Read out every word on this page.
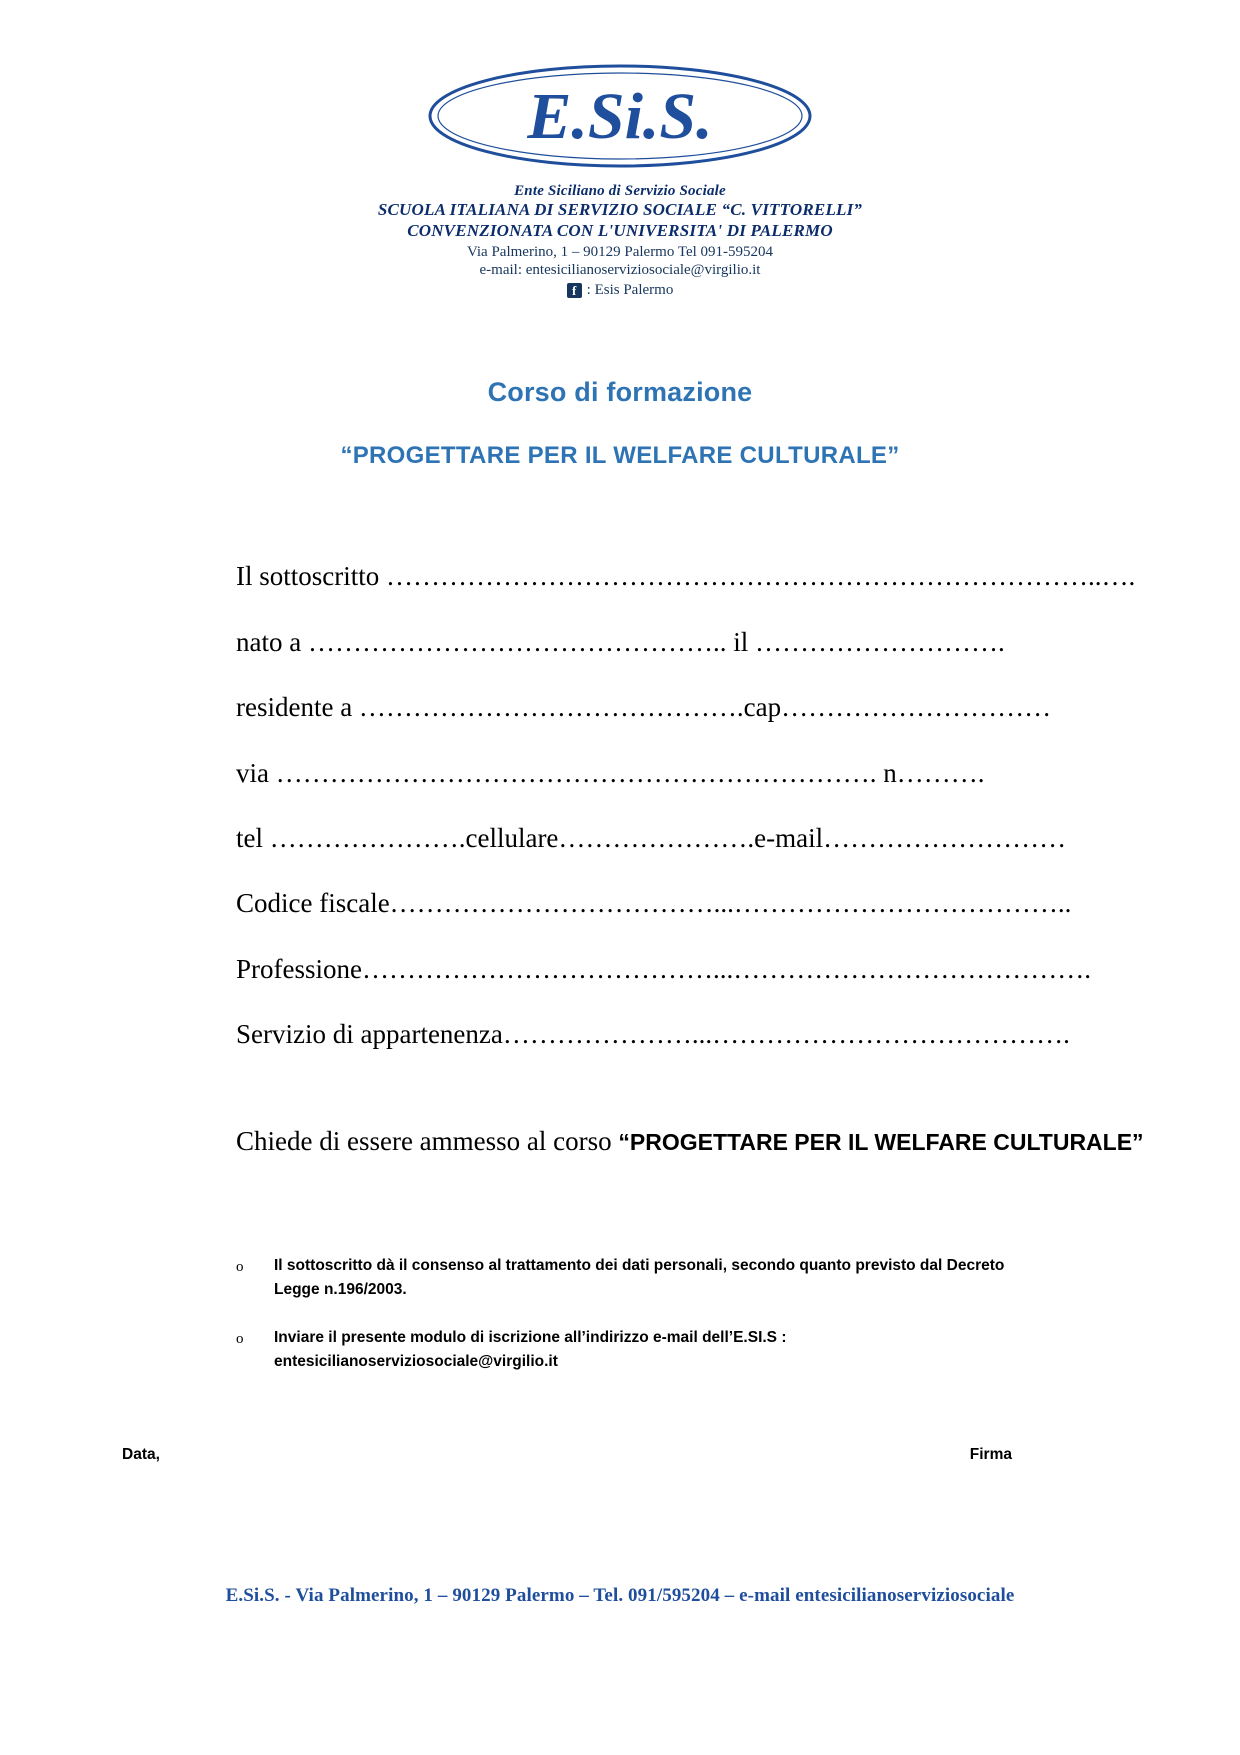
E.Si.S.
Ente Siciliano di Servizio Sociale
SCUOLA ITALIANA DI SERVIZIO SOCIALE “C. VITTORELLI”
CONVENZIONATA CON L'UNIVERSITA' DI PALERMO
Via Palmerino, 1 – 90129 Palermo Tel 091-595204
e-mail: entesicilianoserviziosociale@virgilio.it
f : Esis Palermo
Corso di formazione
“PROGETTARE PER IL WELFARE CULTURALE”
Il sottoscritto ……………………………………………………………………..….
nato a ……………………………………….. il ……………………….
residente a …………………………………….cap…………………………
via …………………………………………………………. n……….
tel ………………….cellulare………………….e-mail………………………
Codice fiscale………………………………...………………………………..
Professione…………………………………...………………………………….
Servizio di appartenenza…………………...………………………………….
Chiede di essere ammesso al corso “PROGETTARE PER IL WELFARE CULTURALE”
o	Il sottoscritto dà il consenso al trattamento dei dati personali, secondo quanto previsto dal Decreto Legge n.196/2003.
o	Inviare il presente modulo di iscrizione all’indirizzo e-mail dell’E.SI.S : entesicilianoserviziosociale@virgilio.it
Data,	Firma
E.Si.S. - Via Palmerino, 1 – 90129 Palermo – Tel. 091/595204 – e-mail entesicilianoserviziosociale
